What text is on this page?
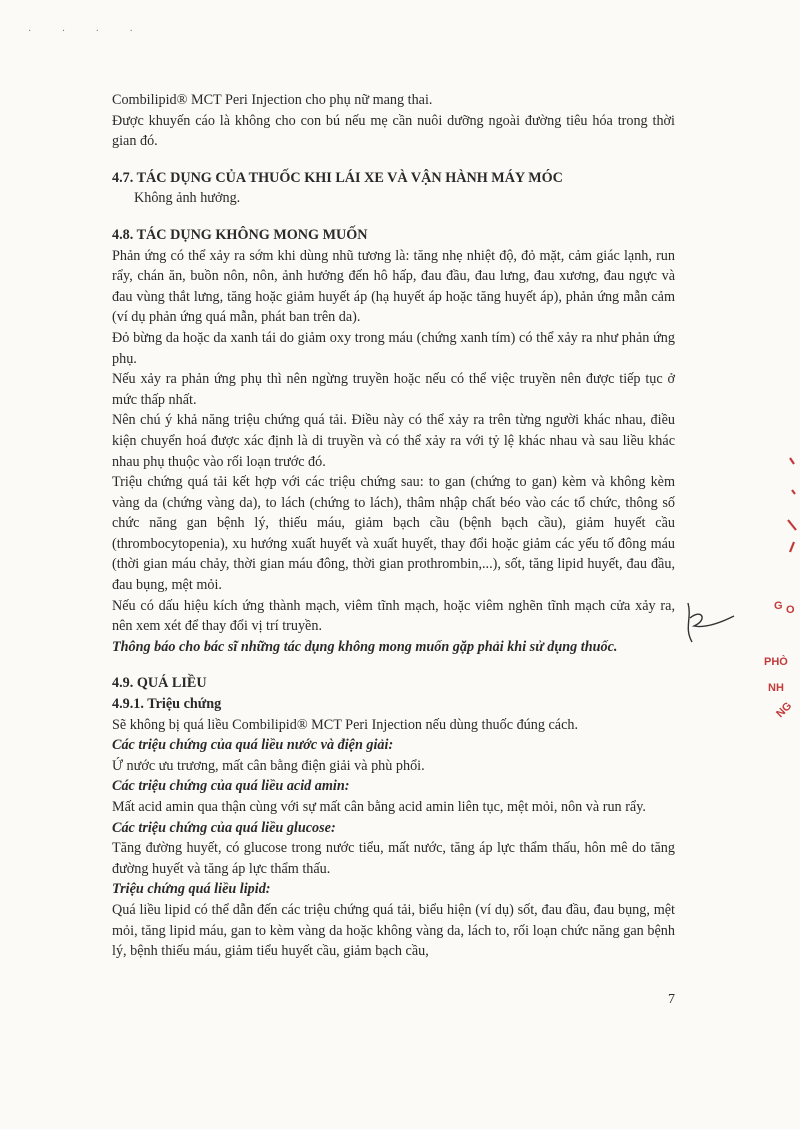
· · · ·

Combilipid® MCT Peri Injection cho phụ nữ mang thai.

Được khuyến cáo là không cho con bú nếu mẹ cần nuôi dưỡng ngoài đường tiêu hóa trong thời gian đó.

4.7. TÁC DỤNG CỦA THUỐC KHI LÁI XE VÀ VẬN HÀNH MÁY MÓC

Không ảnh hưởng.

4.8. TÁC DỤNG KHÔNG MONG MUỐN

Phản ứng có thể xảy ra sớm khi dùng nhũ tương là: tăng nhẹ nhiệt độ, đỏ mặt, cảm giác lạnh, run rẩy, chán ăn, buồn nôn, nôn, ảnh hưởng đến hô hấp, đau đầu, đau lưng, đau xương, đau ngực và đau vùng thắt lưng, tăng hoặc giảm huyết áp (hạ huyết áp hoặc tăng huyết áp), phản ứng mẫn cảm (ví dụ phản ứng quá mẫn, phát ban trên da).

Đỏ bừng da hoặc da xanh tái do giảm oxy trong máu (chứng xanh tím) có thể xảy ra như phản ứng phụ.

Nếu xảy ra phản ứng phụ thì nên ngừng truyền hoặc nếu có thể việc truyền nên được tiếp tục ở mức thấp nhất.

Nên chú ý khả năng triệu chứng quá tải. Điều này có thể xảy ra trên từng người khác nhau, điều kiện chuyển hoá được xác định là di truyền và có thể xảy ra với tỷ lệ khác nhau và sau liều khác nhau phụ thuộc vào rối loạn trước đó.

Triệu chứng quá tải kết hợp với các triệu chứng sau: to gan (chứng to gan) kèm và không kèm vàng da (chứng vàng da), to lách (chứng to lách), thâm nhập chất béo vào các tổ chức, thông số chức năng gan bệnh lý, thiếu máu, giảm bạch cầu (bệnh bạch cầu), giảm huyết cầu (thrombocytopenia), xu hướng xuất huyết và xuất huyết, thay đổi hoặc giảm các yếu tố đông máu (thời gian máu chảy, thời gian máu đông, thời gian prothrombin,...), sốt, tăng lipid huyết, đau đầu, đau bụng, mệt mỏi.

Nếu có dấu hiệu kích ứng thành mạch, viêm tĩnh mạch, hoặc viêm nghẽn tĩnh mạch cửa xảy ra, nên xem xét để thay đổi vị trí truyền.

Thông báo cho bác sĩ những tác dụng không mong muốn gặp phải khi sử dụng thuốc.

4.9. QUÁ LIỀU

4.9.1. Triệu chứng

Sẽ không bị quá liều Combilipid® MCT Peri Injection nếu dùng thuốc đúng cách.

Các triệu chứng của quá liều nước và điện giải:

Ứ nước ưu trương, mất cân bằng điện giải và phù phổi.

Các triệu chứng của quá liều acid amin:

Mất acid amin qua thận cùng với sự mất cân bằng acid amin liên tục, mệt mỏi, nôn và run rẩy.

Các triệu chứng của quá liều glucose:

Tăng đường huyết, có glucose trong nước tiểu, mất nước, tăng áp lực thẩm thấu, hôn mê do tăng đường huyết và tăng áp lực thẩm thấu.

Triệu chứng quá liều lipid:

Quá liều lipid có thể dẫn đến các triệu chứng quá tải, biểu hiện (ví dụ) sốt, đau đầu, đau bụng, mệt mỏi, tăng lipid máu, gan to kèm vàng da hoặc không vàng da, lách to, rối loạn chức năng gan bệnh lý, bệnh thiếu máu, giảm tiểu huyết cầu, giảm bạch cầu,

7
G O
PHÒ
NH
NG
